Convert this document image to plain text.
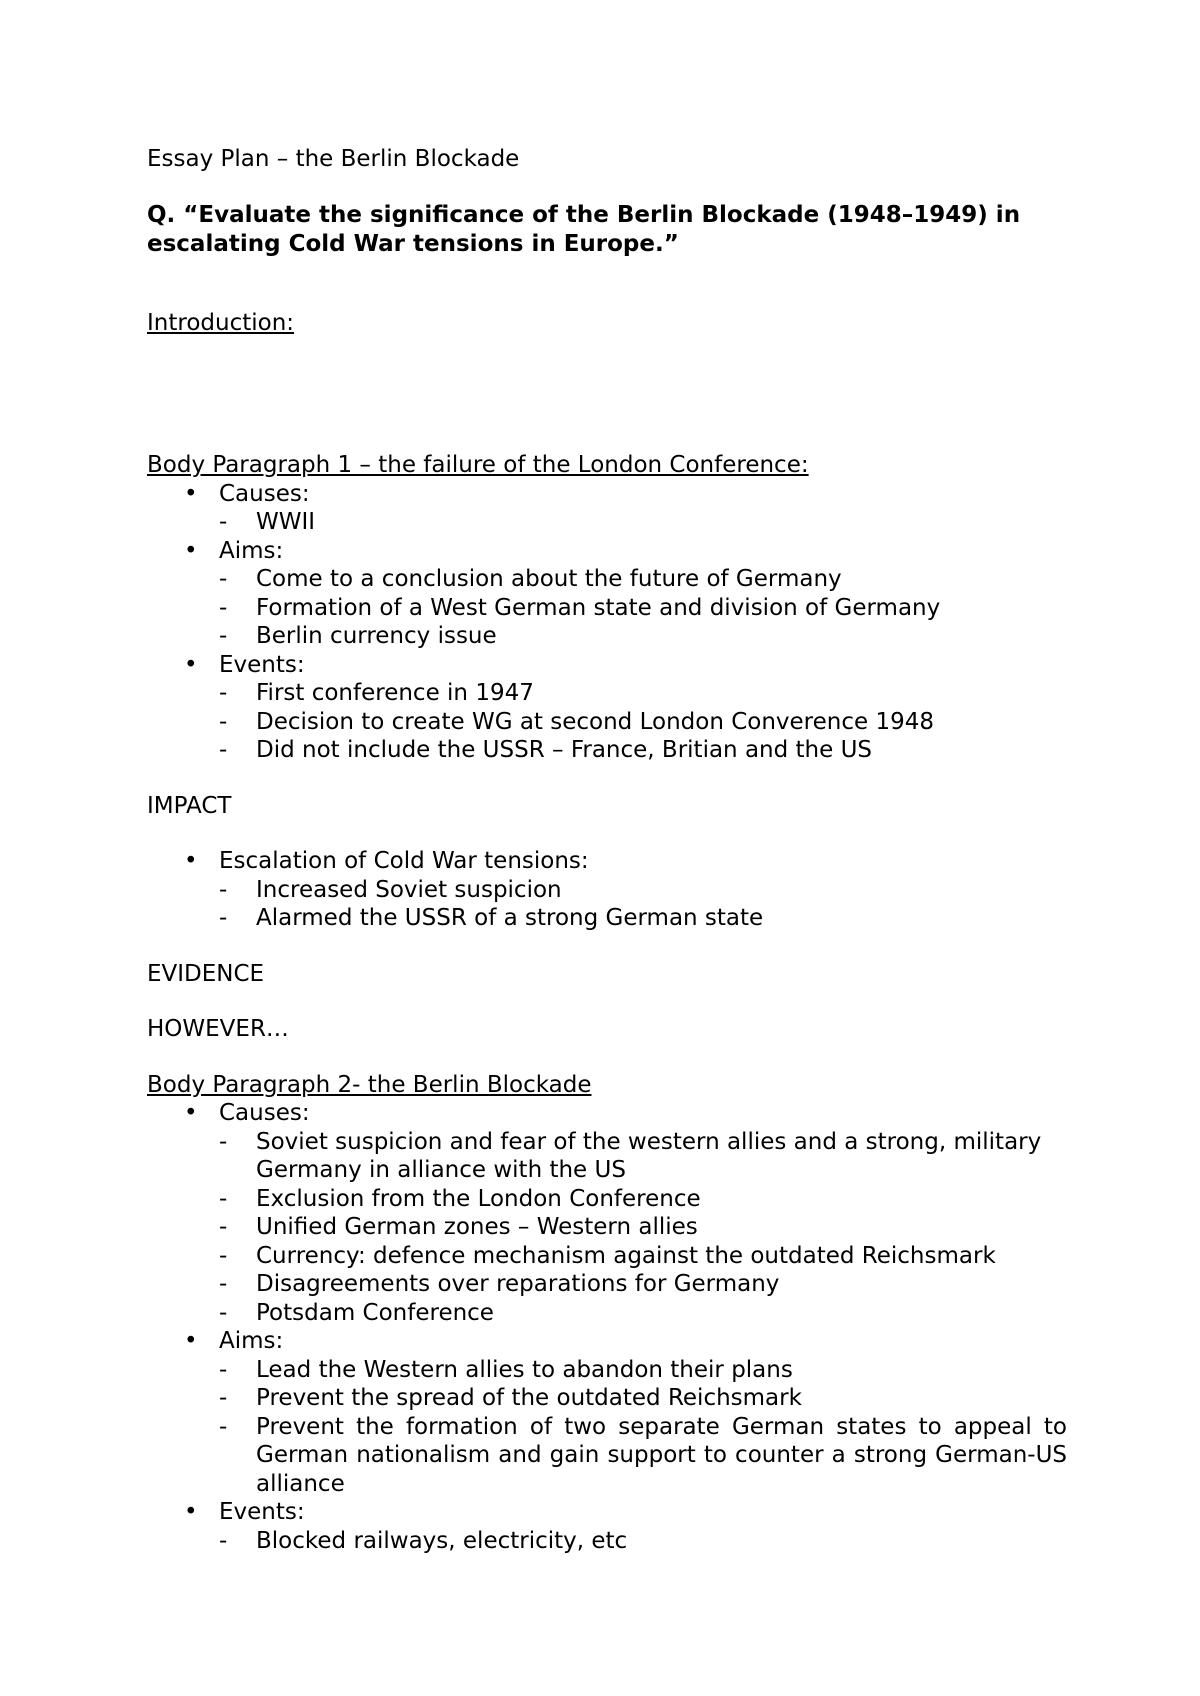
Essay Plan – the Berlin Blockade

Q. “Evaluate the significance of the Berlin Blockade (1948–1949) in escalating Cold War tensions in Europe.”

Introduction:

Body Paragraph 1 – the failure of the London Conference:

• Causes:
- WWII
• Aims:
- Come to a conclusion about the future of Germany
- Formation of a West German state and division of Germany
- Berlin currency issue
• Events:
- First conference in 1947
- Decision to create WG at second London Converence 1948
- Did not include the USSR – France, Britian and the US

IMPACT

• Escalation of Cold War tensions:
- Increased Soviet suspicion
- Alarmed the USSR of a strong German state

EVIDENCE

HOWEVER…

Body Paragraph 2- the Berlin Blockade

• Causes:
- Soviet suspicion and fear of the western allies and a strong, military Germany in alliance with the US
- Exclusion from the London Conference
- Unified German zones – Western allies
- Currency: defence mechanism against the outdated Reichsmark
- Disagreements over reparations for Germany
- Potsdam Conference
• Aims:
- Lead the Western allies to abandon their plans
- Prevent the spread of the outdated Reichsmark
- Prevent the formation of two separate German states to appeal to German nationalism and gain support to counter a strong German-US alliance
• Events:
- Blocked railways, electricity, etc
